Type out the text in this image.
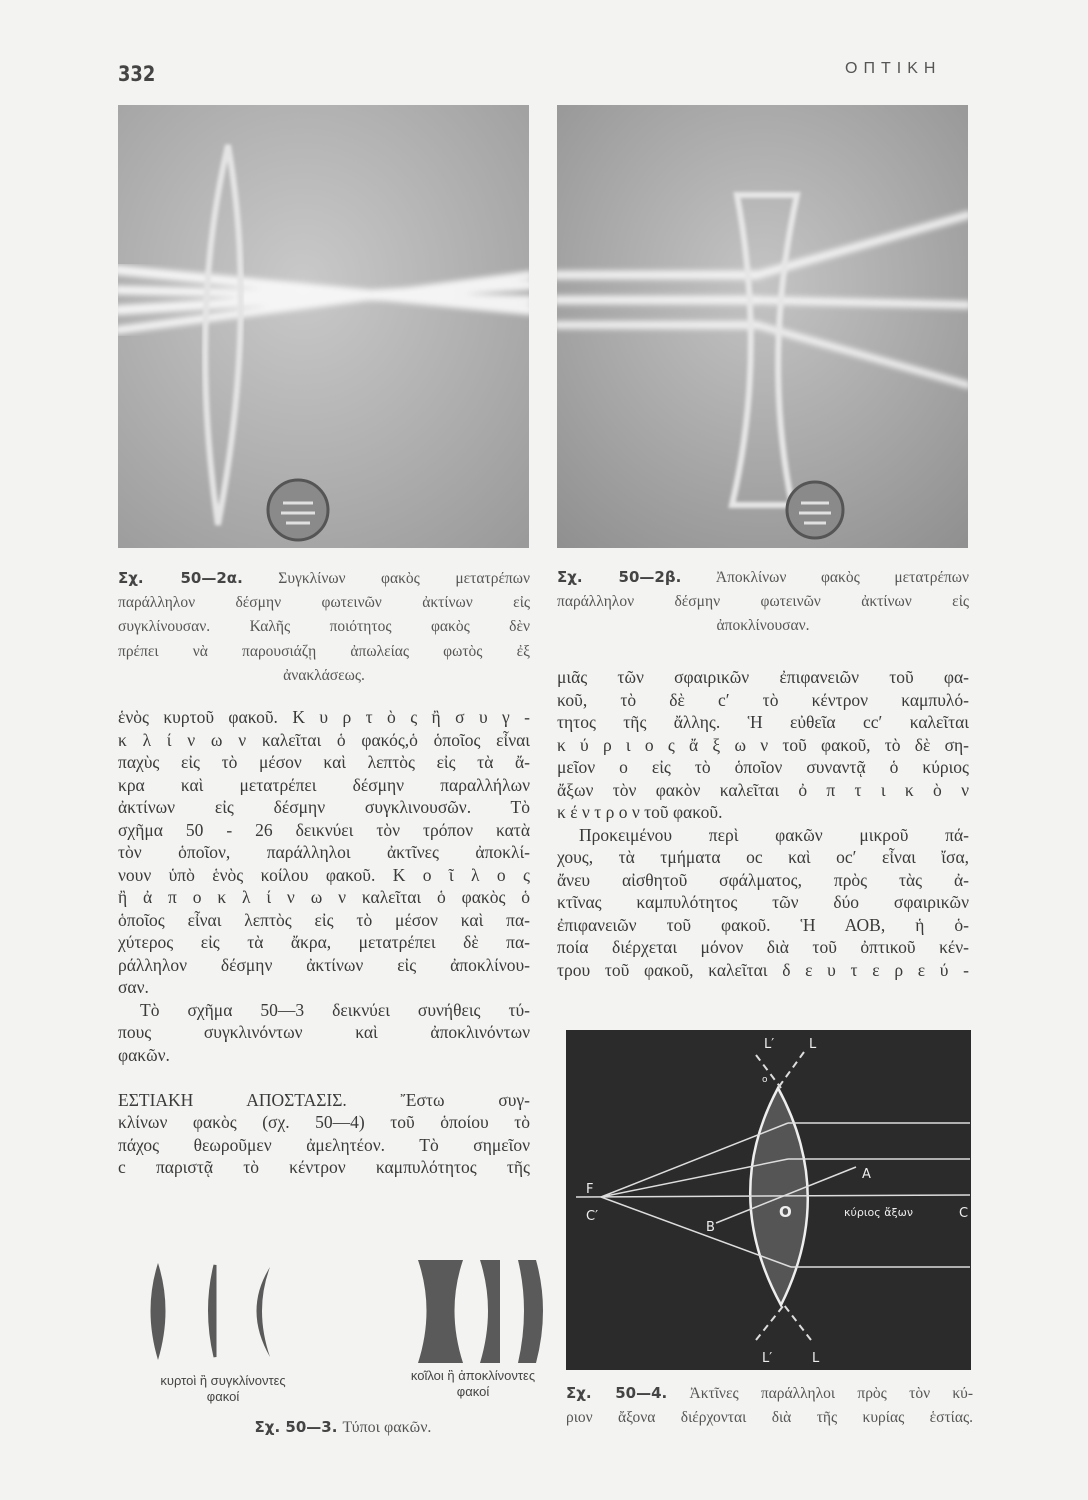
332	ΟΠΤΙΚΗ
Σχ. 50—2α. Συγκλίνων φακὸς μετατρέπων
παράλληλον δέσμην φωτεινῶν ἀκτίνων εἰς
συγκλίνουσαν. Καλῆς ποιότητος φακὸς δὲν
πρέπει νὰ παρουσιάζῃ ἀπωλείας φωτὸς ἐξ
ἀνακλάσεως.
Σχ. 50—2β. Ἀποκλίνων φακὸς μετατρέπων
παράλληλον δέσμην φωτεινῶν ἀκτίνων εἰς
ἀποκλίνουσαν.
ἑνὸς κυρτοῦ φακοῦ. Κ υ ρ τ ὸ ς ἢ σ υ γ -
κ λ ί ν ω ν καλεῖται ὁ φακός,ὁ ὁποῖος εἶναι
παχὺς εἰς τὸ μέσον καὶ λεπτὸς εἰς τὰ ἄ-
κρα καὶ μετατρέπει δέσμην παραλλήλων
ἀκτίνων εἰς δέσμην συγκλινουσῶν. Τὸ
σχῆμα 50 - 26 δεικνύει τὸν τρόπον κατὰ
τὸν ὁποῖον, παράλληλοι ἀκτῖνες ἀποκλί-
νουν ὑπὸ ἑνὸς κοίλου φακοῦ. Κ ο ῖ λ ο ς
ἢ ἀ π ο κ λ ί ν ω ν καλεῖται ὁ φακὸς ὁ
ὁποῖος εἶναι λεπτὸς εἰς τὸ μέσον καὶ πα-
χύτερος εἰς τὰ ἄκρα, μετατρέπει δὲ πα-
ράλληλον δέσμην ἀκτίνων εἰς ἀποκλίνου-
σαν.
Τὸ σχῆμα 50—3 δεικνύει συνήθεις τύ-
πους συγκλινόντων καὶ ἀποκλινόντων
φακῶν.
ΕΣΤΙΑΚΗ ΑΠΟΣΤΑΣΙΣ. Ἔστω συγ-
κλίνων φακὸς (σχ. 50—4) τοῦ ὁποίου τὸ
πάχος θεωροῦμεν ἀμελητέον. Τὸ σημεῖον
c παριστᾷ τὸ κέντρον καμπυλότητος τῆς
μιᾶς τῶν σφαιρικῶν ἐπιφανειῶν τοῦ φα-
κοῦ, τὸ δὲ c′ τὸ κέντρον καμπυλό-
τητος τῆς ἄλλης. Ἡ εὐθεῖα cc′ καλεῖται
κ ύ ρ ι ο ς ἄ ξ ω ν τοῦ φακοῦ, τὸ δὲ ση-
μεῖον ο εἰς τὸ ὁποῖον συναντᾷ ὁ κύριος
ἄξων τὸν φακὸν καλεῖται ὀ π τ ι κ ὸ ν
κ έ ν τ ρ ο ν τοῦ φακοῦ.
Προκειμένου περὶ φακῶν μικροῦ πά-
χους, τὰ τμήματα oc καὶ oc′ εἶναι ἴσα,
ἄνευ αἰσθητοῦ σφάλματος, πρὸς τὰς ἀ-
κτῖνας καμπυλότητος τῶν δύο σφαιρικῶν
ἐπιφανειῶν τοῦ φακοῦ. Ἡ ΑΟΒ, ἡ ὁ-
ποία διέρχεται μόνον διὰ τοῦ ὀπτικοῦ κέν-
τρου τοῦ φακοῦ, καλεῖται δ ε υ τ ε ρ ε ύ -
κυρτοὶ ἢ συγκλίνοντες
φακοί
κοῖλοι ἢ ἀποκλίνοντες
φακοί
Σχ. 50—3. Τύποι φακῶν.
L′	L
o
F
C′
A
B
O	κύριος ἄξων	C
L′	L
Σχ. 50—4. Ἀκτῖνες παράλληλοι πρὸς τὸν κύ-
ριον ἄξονα διέρχονται διὰ τῆς κυρίας ἑστίας.
